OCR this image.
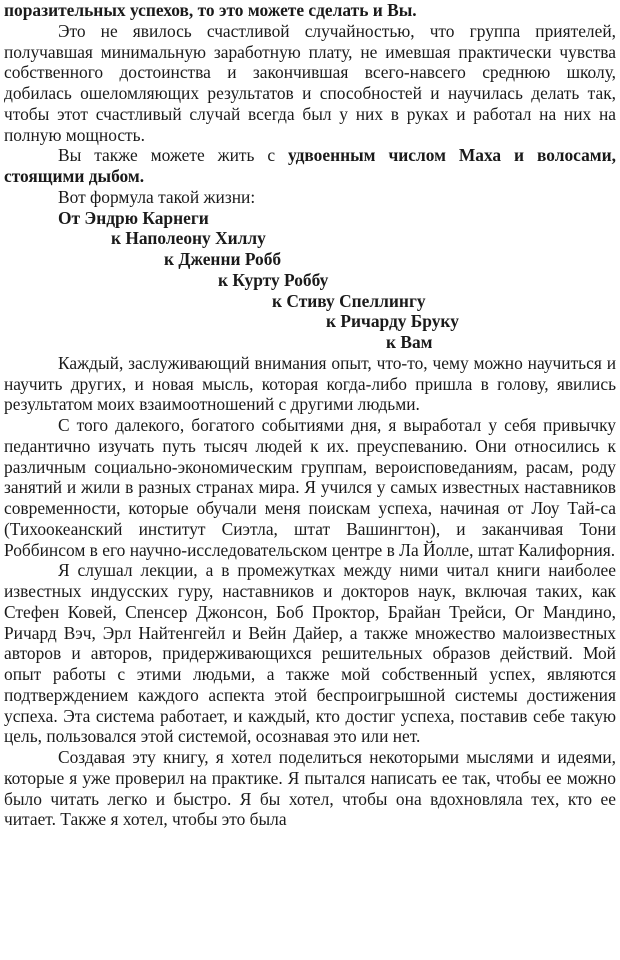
поразительных успехов, то это можете сделать и Вы.

Это не явилось счастливой случайностью, что группа приятелей, получавшая минимальную заработную плату, не имевшая практически чувства собственного достоинства и закончившая всего-навсего среднюю школу, добилась ошеломляющих результатов и способностей и научилась делать так, чтобы этот счастливый случай всегда был у них в руках и работал на них на полную мощность.

Вы также можете жить с удвоенным числом Маха и волосами, стоящими дыбом.

Вот формула такой жизни:

От Эндрю Карнеги
к Наполеону Хиллу
к Дженни Робб
к Курту Роббу
к Стиву Спеллингу
к Ричарду Бруку
к Вам

Каждый, заслуживающий внимания опыт, что-то, чему можно научиться и научить других, и новая мысль, которая когда-либо пришла в голову, явились результатом моих взаимоотношений с другими людьми.

С того далекого, богатого событиями дня, я выработал у себя привычку педантично изучать путь тысяч людей к их. преуспеванию. Они относились к различным социально-экономическим группам, вероисповеданиям, расам, роду занятий и жили в разных странах мира. Я учился у самых известных наставников современности, которые обучали меня поискам успеха, начиная от Лоу Тай-са (Тихоокеанский институт Сиэтла, штат Вашингтон), и заканчивая Тони Роббинсом в его научно-исследовательском центре в Ла Йолле, штат Калифорния.

Я слушал лекции, а в промежутках между ними читал книги наиболее известных индусских гуру, наставников и докторов наук, включая таких, как Стефен Ковей, Спенсер Джонсон, Боб Проктор, Брайан Трейси, Ог Мандино, Ричард Вэч, Эрл Найтенгейл и Вейн Дайер, а также множество малоизвестных авторов и авторов, придерживающихся решительных образов действий. Мой опыт работы с этими людьми, а также мой собственный успех, являются подтверждением каждого аспекта этой беспроигрышной системы достижения успеха. Эта система работает, и каждый, кто достиг успеха, поставив себе такую цель, пользовался этой системой, осознавая это или нет.

Создавая эту книгу, я хотел поделиться некоторыми мыслями и идеями, которые я уже проверил на практике. Я пытался написать ее так, чтобы ее можно было читать легко и быстро. Я бы хотел, чтобы она вдохновляла тех, кто ее читает. Также я хотел, чтобы это была
